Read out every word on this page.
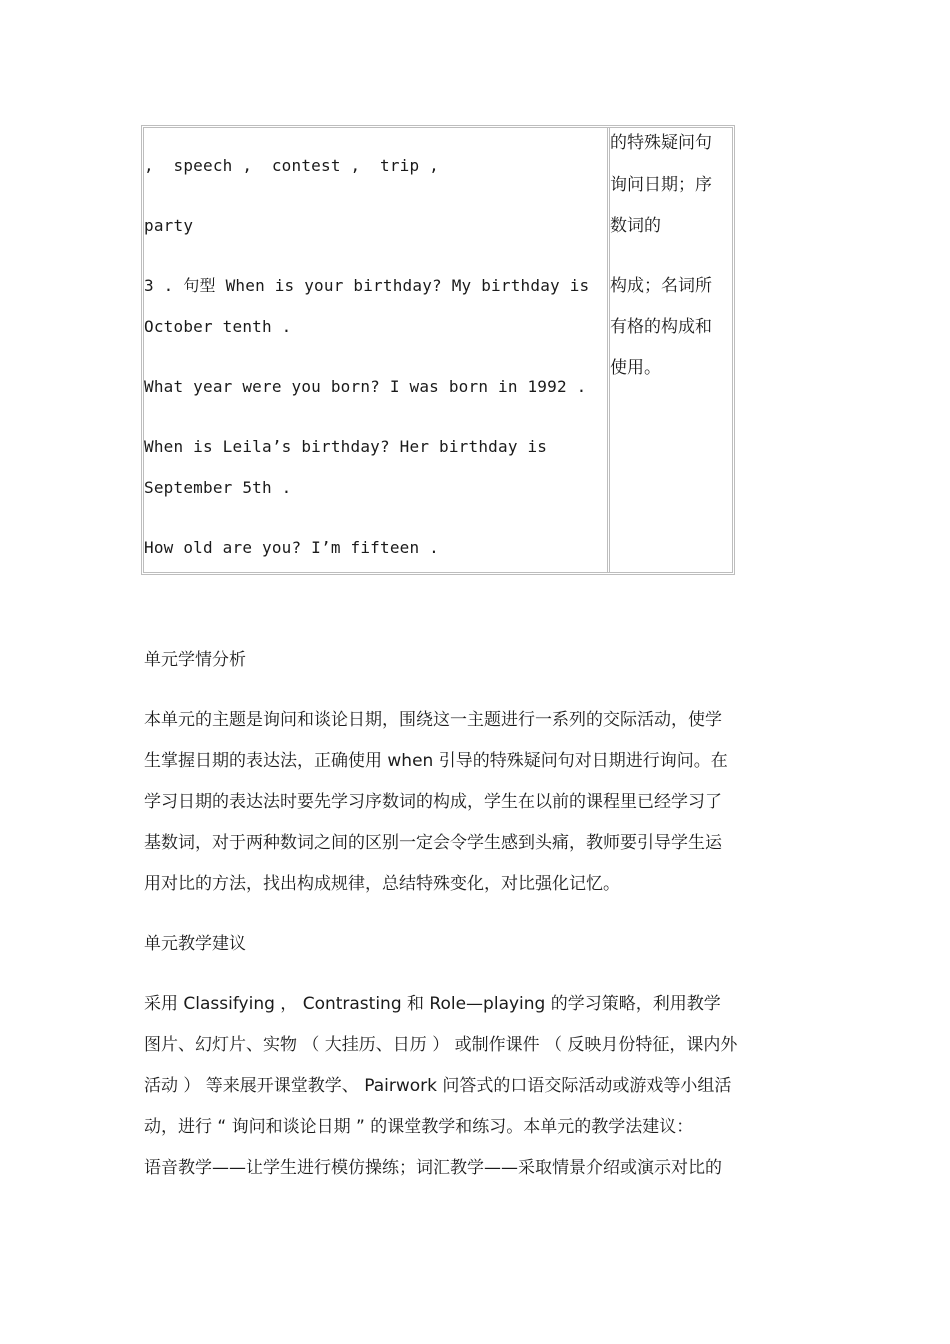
,  speech ,  contest ,  trip ,
party
3 . 句型 When is your birthday? My birthday is
October tenth .
What year were you born? I was born in 1992 .
When is Leila’s birthday? Her birthday is
September 5th .
How old are you? I’m fifteen .
的特殊疑问句
询问日期；序
数词的
构成；名词所
有格的构成和
使用。
单元学情分析
本单元的主题是询问和谈论日期，围绕这一主题进行一系列的交际活动，使学
生掌握日期的表达法，正确使用 when 引导的特殊疑问句对日期进行询问。在
学习日期的表达法时要先学习序数词的构成，学生在以前的课程里已经学习了
基数词，对于两种数词之间的区别一定会令学生感到头痛，教师要引导学生运
用对比的方法，找出构成规律，总结特殊变化，对比强化记忆。
单元教学建议
采用 Classifying ， Contrasting 和 Role—playing 的学习策略，利用教学
图片、幻灯片、实物 （ 大挂历、日历 ） 或制作课件 （ 反映月份特征，课内外
活动 ） 等来展开课堂教学、 Pairwork 问答式的口语交际活动或游戏等小组活
动，进行 “ 询问和谈论日期 ” 的课堂教学和练习。本单元的教学法建议：
语音教学——让学生进行模仿操练；词汇教学——采取情景介绍或演示对比的
